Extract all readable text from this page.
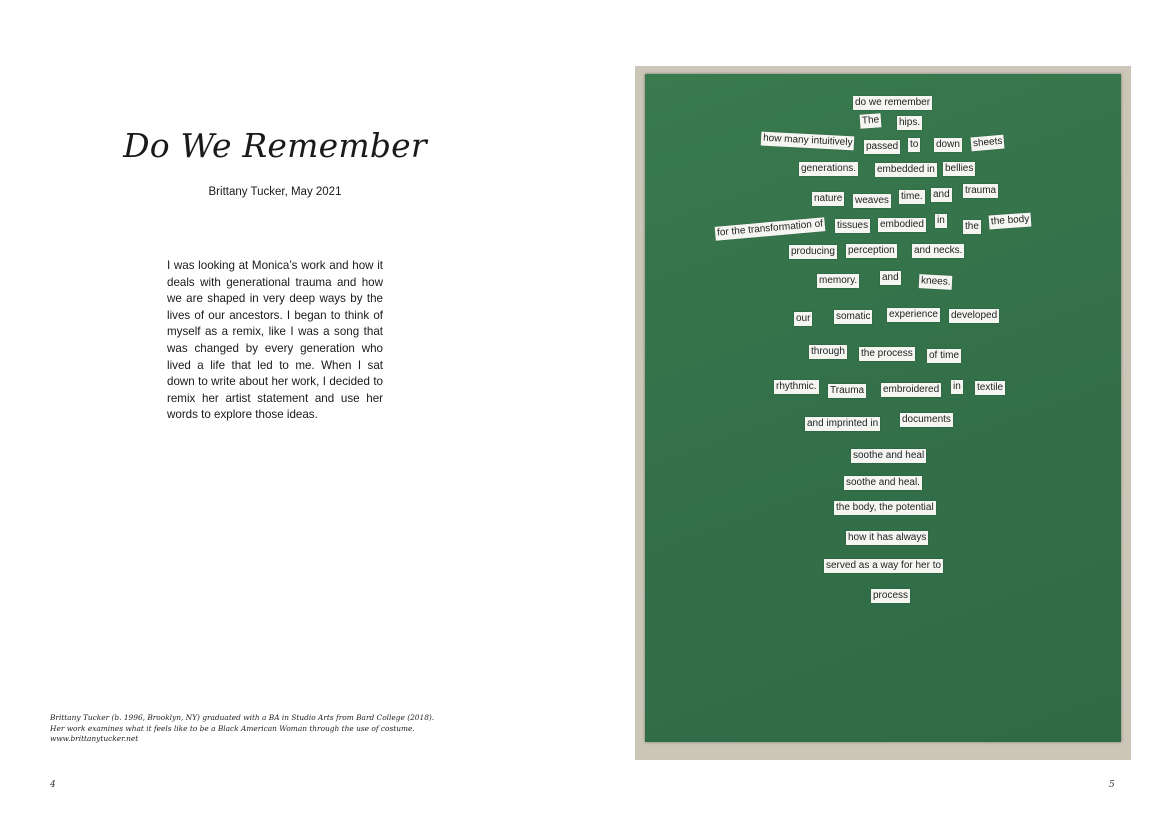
Do We Remember
Brittany Tucker, May 2021

I was looking at Monica’s work and how it deals with generational trauma and how we are shaped in very deep ways by the lives of our ancestors. I began to think of myself as a remix, like I was a song that was changed by every generation who lived a life that led to me. When I sat down to write about her work, I decided to remix her artist statement and use her words to explore those ideas.

Brittany Tucker (b. 1996, Brooklyn, NY) graduated with a BA in Studio Arts from Bard College (2018).
Her work examines what it feels like to be a Black American Woman through the use of costume.
www.brittanytucker.net

4	5
do we remember
The hips.
how many intuitively passed to down sheets
generations. embedded in bellies
nature weaves time. and trauma
for the transformation of tissues embodied in
the the body
producing perception and necks.
memory. and knees.
our	somatic experience developed
through the process of time
rhythmic. Trauma embroidered in textile
and imprinted in documents
soothe and heal
soothe and heal.
the body, the potential
how it has always
served as a way for her to
process
